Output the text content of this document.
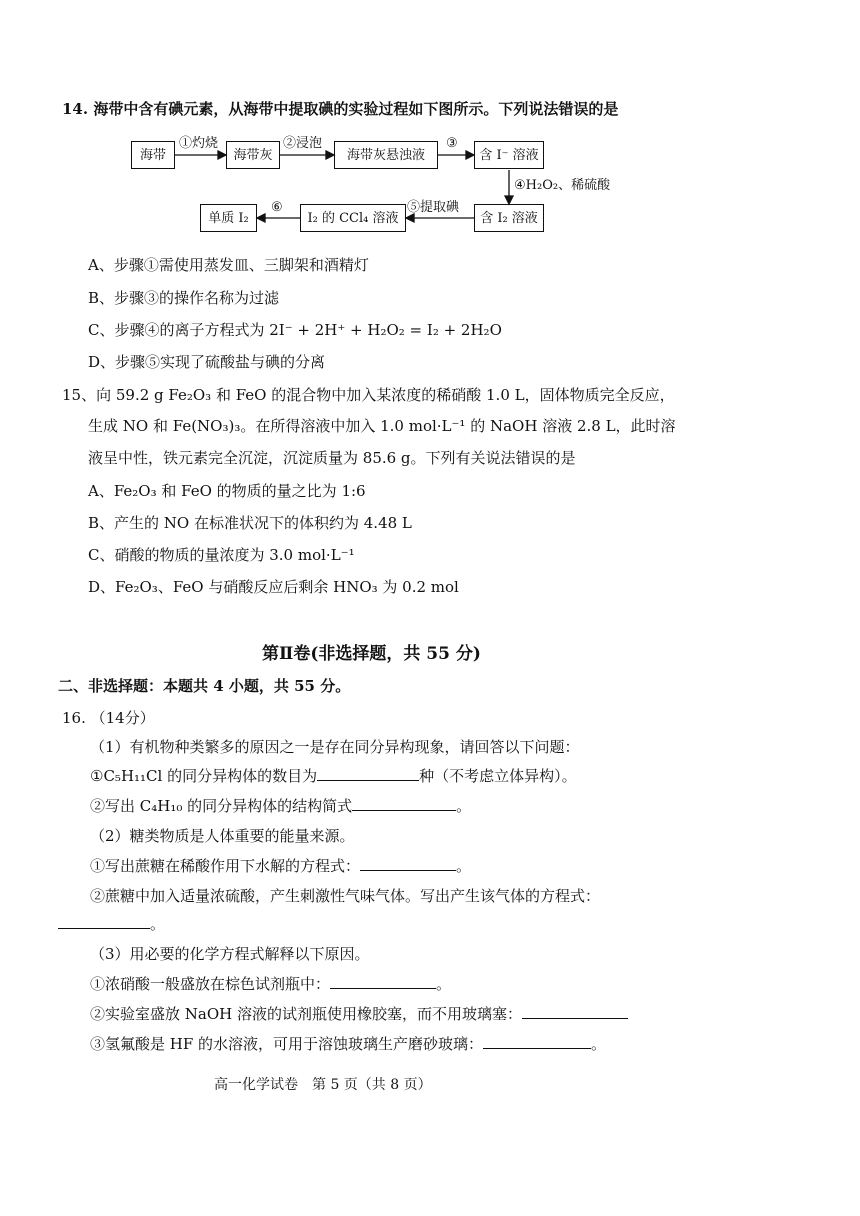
14. 海带中含有碘元素，从海带中提取碘的实验过程如下图所示。下列说法错误的是
海带	海带灰	海带灰悬浊液	含 I⁻ 溶液
含 I₂ 溶液
I₂ 的 CCl₄ 溶液
单质 I₂
①灼烧	②浸泡	③
④H₂O₂、稀硫酸
⑤提取碘
⑥
A、步骤①需使用蒸发皿、三脚架和酒精灯
B、步骤③的操作名称为过滤
C、步骤④的离子方程式为 2I⁻ + 2H⁺ + H₂O₂ = I₂ + 2H₂O
D、步骤⑤实现了硫酸盐与碘的分离
15、向 59.2 g Fe₂O₃ 和 FeO 的混合物中加入某浓度的稀硝酸 1.0 L，固体物质完全反应，
生成 NO 和 Fe(NO₃)₃。在所得溶液中加入 1.0 mol·L⁻¹ 的 NaOH 溶液 2.8 L，此时溶
液呈中性，铁元素完全沉淀，沉淀质量为 85.6 g。下列有关说法错误的是
A、Fe₂O₃ 和 FeO 的物质的量之比为 1:6
B、产生的 NO 在标准状况下的体积约为 4.48 L
C、硝酸的物质的量浓度为 3.0 mol·L⁻¹
D、Fe₂O₃、FeO 与硝酸反应后剩余 HNO₃ 为 0.2 mol
第Ⅱ卷(非选择题，共 55 分)
二、非选择题：本题共 4 小题，共 55 分。
16. （14分）
（1）有机物种类繁多的原因之一是存在同分异构现象，请回答以下问题：
①C₅H₁₁Cl 的同分异构体的数目为	种（不考虑立体异构）。
②写出 C₄H₁₀ 的同分异构体的结构简式	。
（2）糖类物质是人体重要的能量来源。
①写出蔗糖在稀酸作用下水解的方程式：	。
②蔗糖中加入适量浓硫酸，产生刺激性气味气体。写出产生该气体的方程式：
。
（3）用必要的化学方程式解释以下原因。
①浓硝酸一般盛放在棕色试剂瓶中：	。
②实验室盛放 NaOH 溶液的试剂瓶使用橡胶塞，而不用玻璃塞：
③氢氟酸是 HF 的水溶液，可用于溶蚀玻璃生产磨砂玻璃：	。
高一化学试卷　第 5 页（共 8 页）
